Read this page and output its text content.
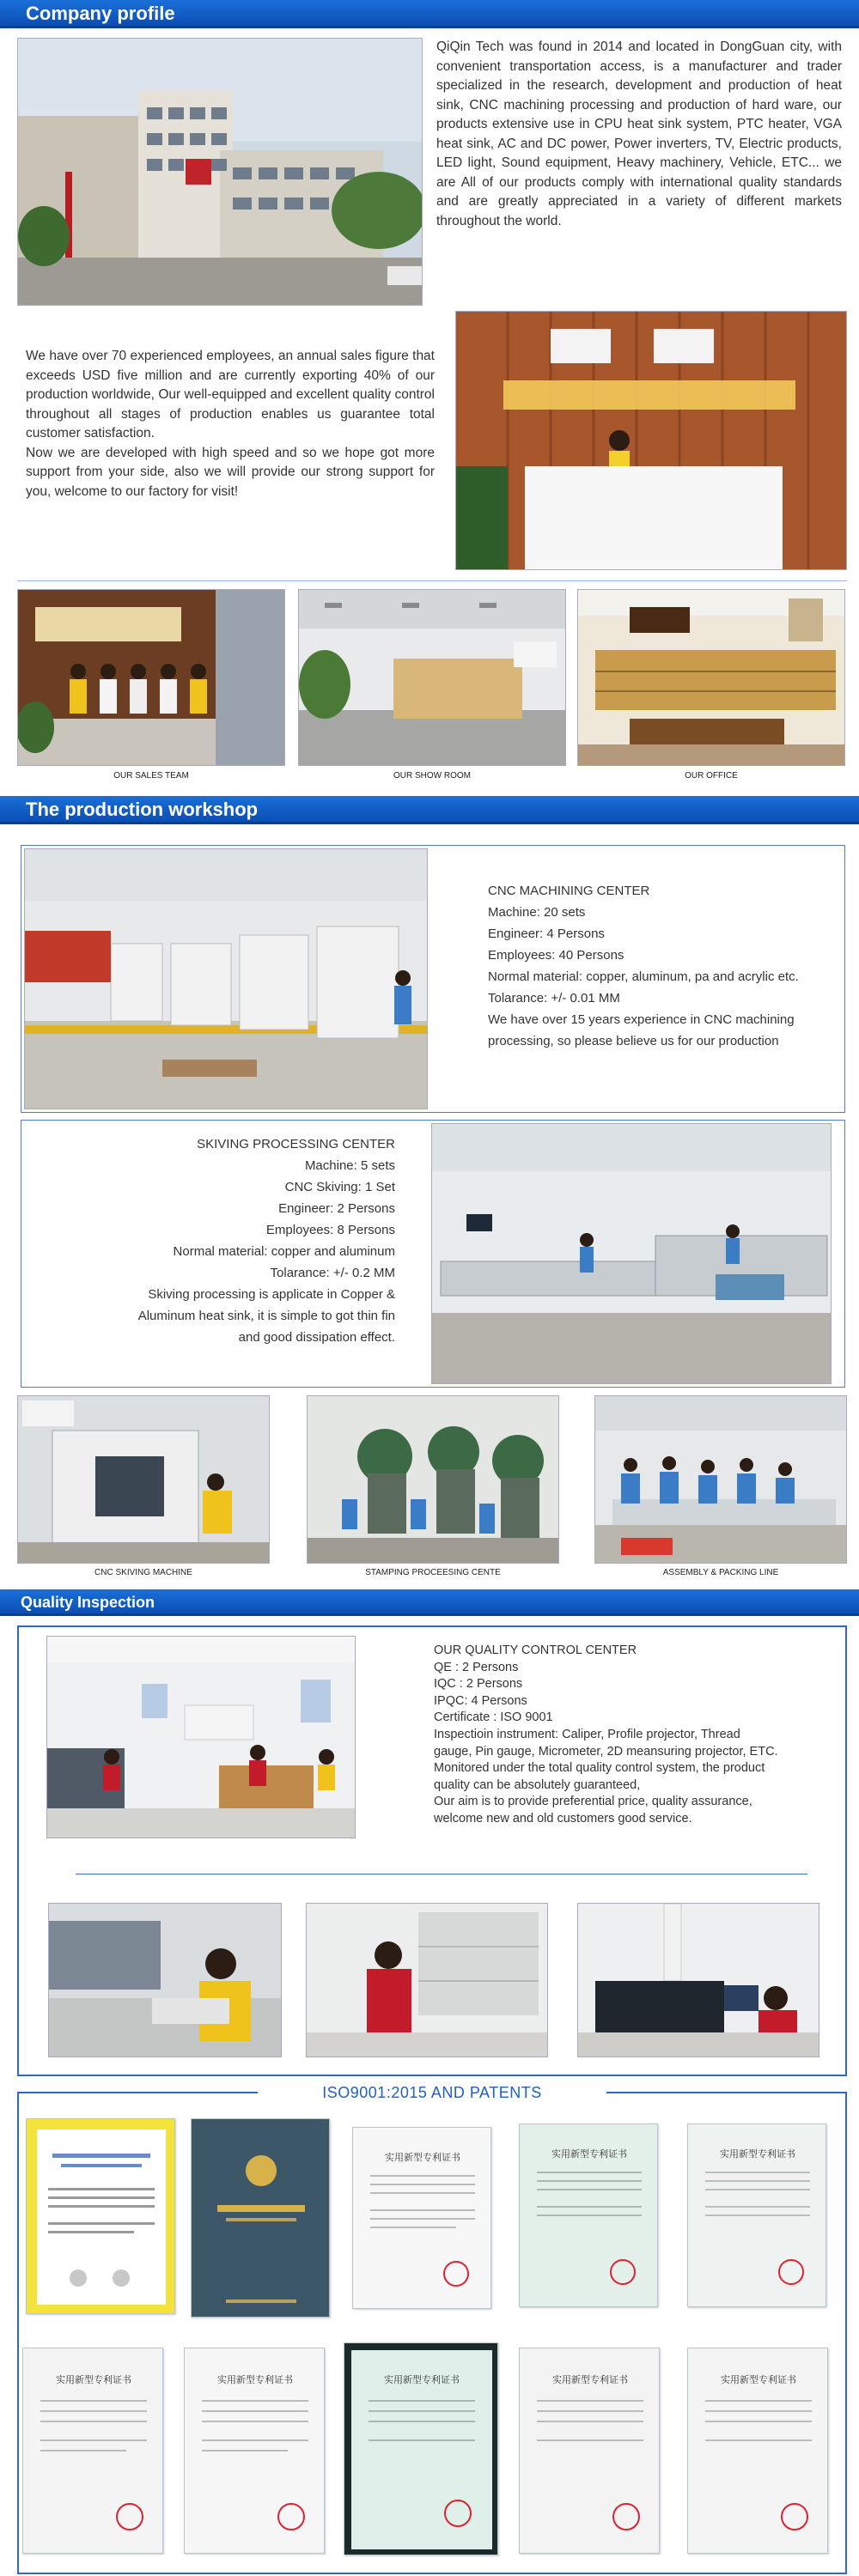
Company profile

QiQin Tech was found in 2014 and located in DongGuan city, with convenient transportation access, is a manufacturer and trader specialized in the research, development and production of heat sink, CNC machining processing and production of hard ware, our products extensive use in CPU heat sink system, PTC heater, VGA heat sink, AC and DC power, Power inverters, TV, Electric products, LED light, Sound equipment, Heavy machinery, Vehicle, ETC... we are All of our products comply with international quality standards and are greatly appreciated in a variety of different markets throughout the world.

We have over 70 experienced employees, an annual sales figure that exceeds USD five million and are currently exporting 40% of our production worldwide, Our well-equipped and excellent quality control throughout all stages of production enables us guarantee total customer satisfaction.

Now we are developed with high speed and so we hope got more support from your side, also we will provide our strong support for you, welcome to our factory for visit!

OUR SALES TEAM	OUR SHOW ROOM	OUR OFFICE
The production workshop
CNC MACHINING CENTER
Machine: 20 sets
Engineer: 4 Persons
Employees: 40 Persons
Normal material: copper, aluminum, pa and acrylic etc.
Tolarance: +/- 0.01 MM
We have over 15 years experience in CNC machining
processing, so please believe us for our production
SKIVING PROCESSING CENTER
Machine: 5 sets
CNC Skiving: 1 Set
Engineer: 2 Persons
Employees: 8 Persons
Normal material: copper and aluminum
Tolarance: +/- 0.2 MM
Skiving processing is applicate in Copper &
Aluminum heat sink, it is simple to got thin fin
and good dissipation effect.
CNC SKIVING MACHINE	STAMPING PROCEESING CENTE	ASSEMBLY & PACKING LINE
Quality Inspection
OUR QUALITY CONTROL CENTER
QE : 2 Persons
IQC : 2 Persons
IPQC: 4 Persons
Certificate : ISO 9001
Inspectioin instrument: Caliper, Profile projector, Thread
gauge, Pin gauge, Micrometer, 2D meansuring projector, ETC.
Monitored under the total quality control system, the product
quality can be absolutely guaranteed,
Our aim is to provide preferential price, quality assurance,
welcome new and old customers good service.
ISO9001:2015 AND PATENTS
实用新型专利证书	实用新型专利证书	实用新型专利证书
实用新型专利证书	实用新型专利证书	实用新型专利证书	实用新型专利证书	实用新型专利证书
